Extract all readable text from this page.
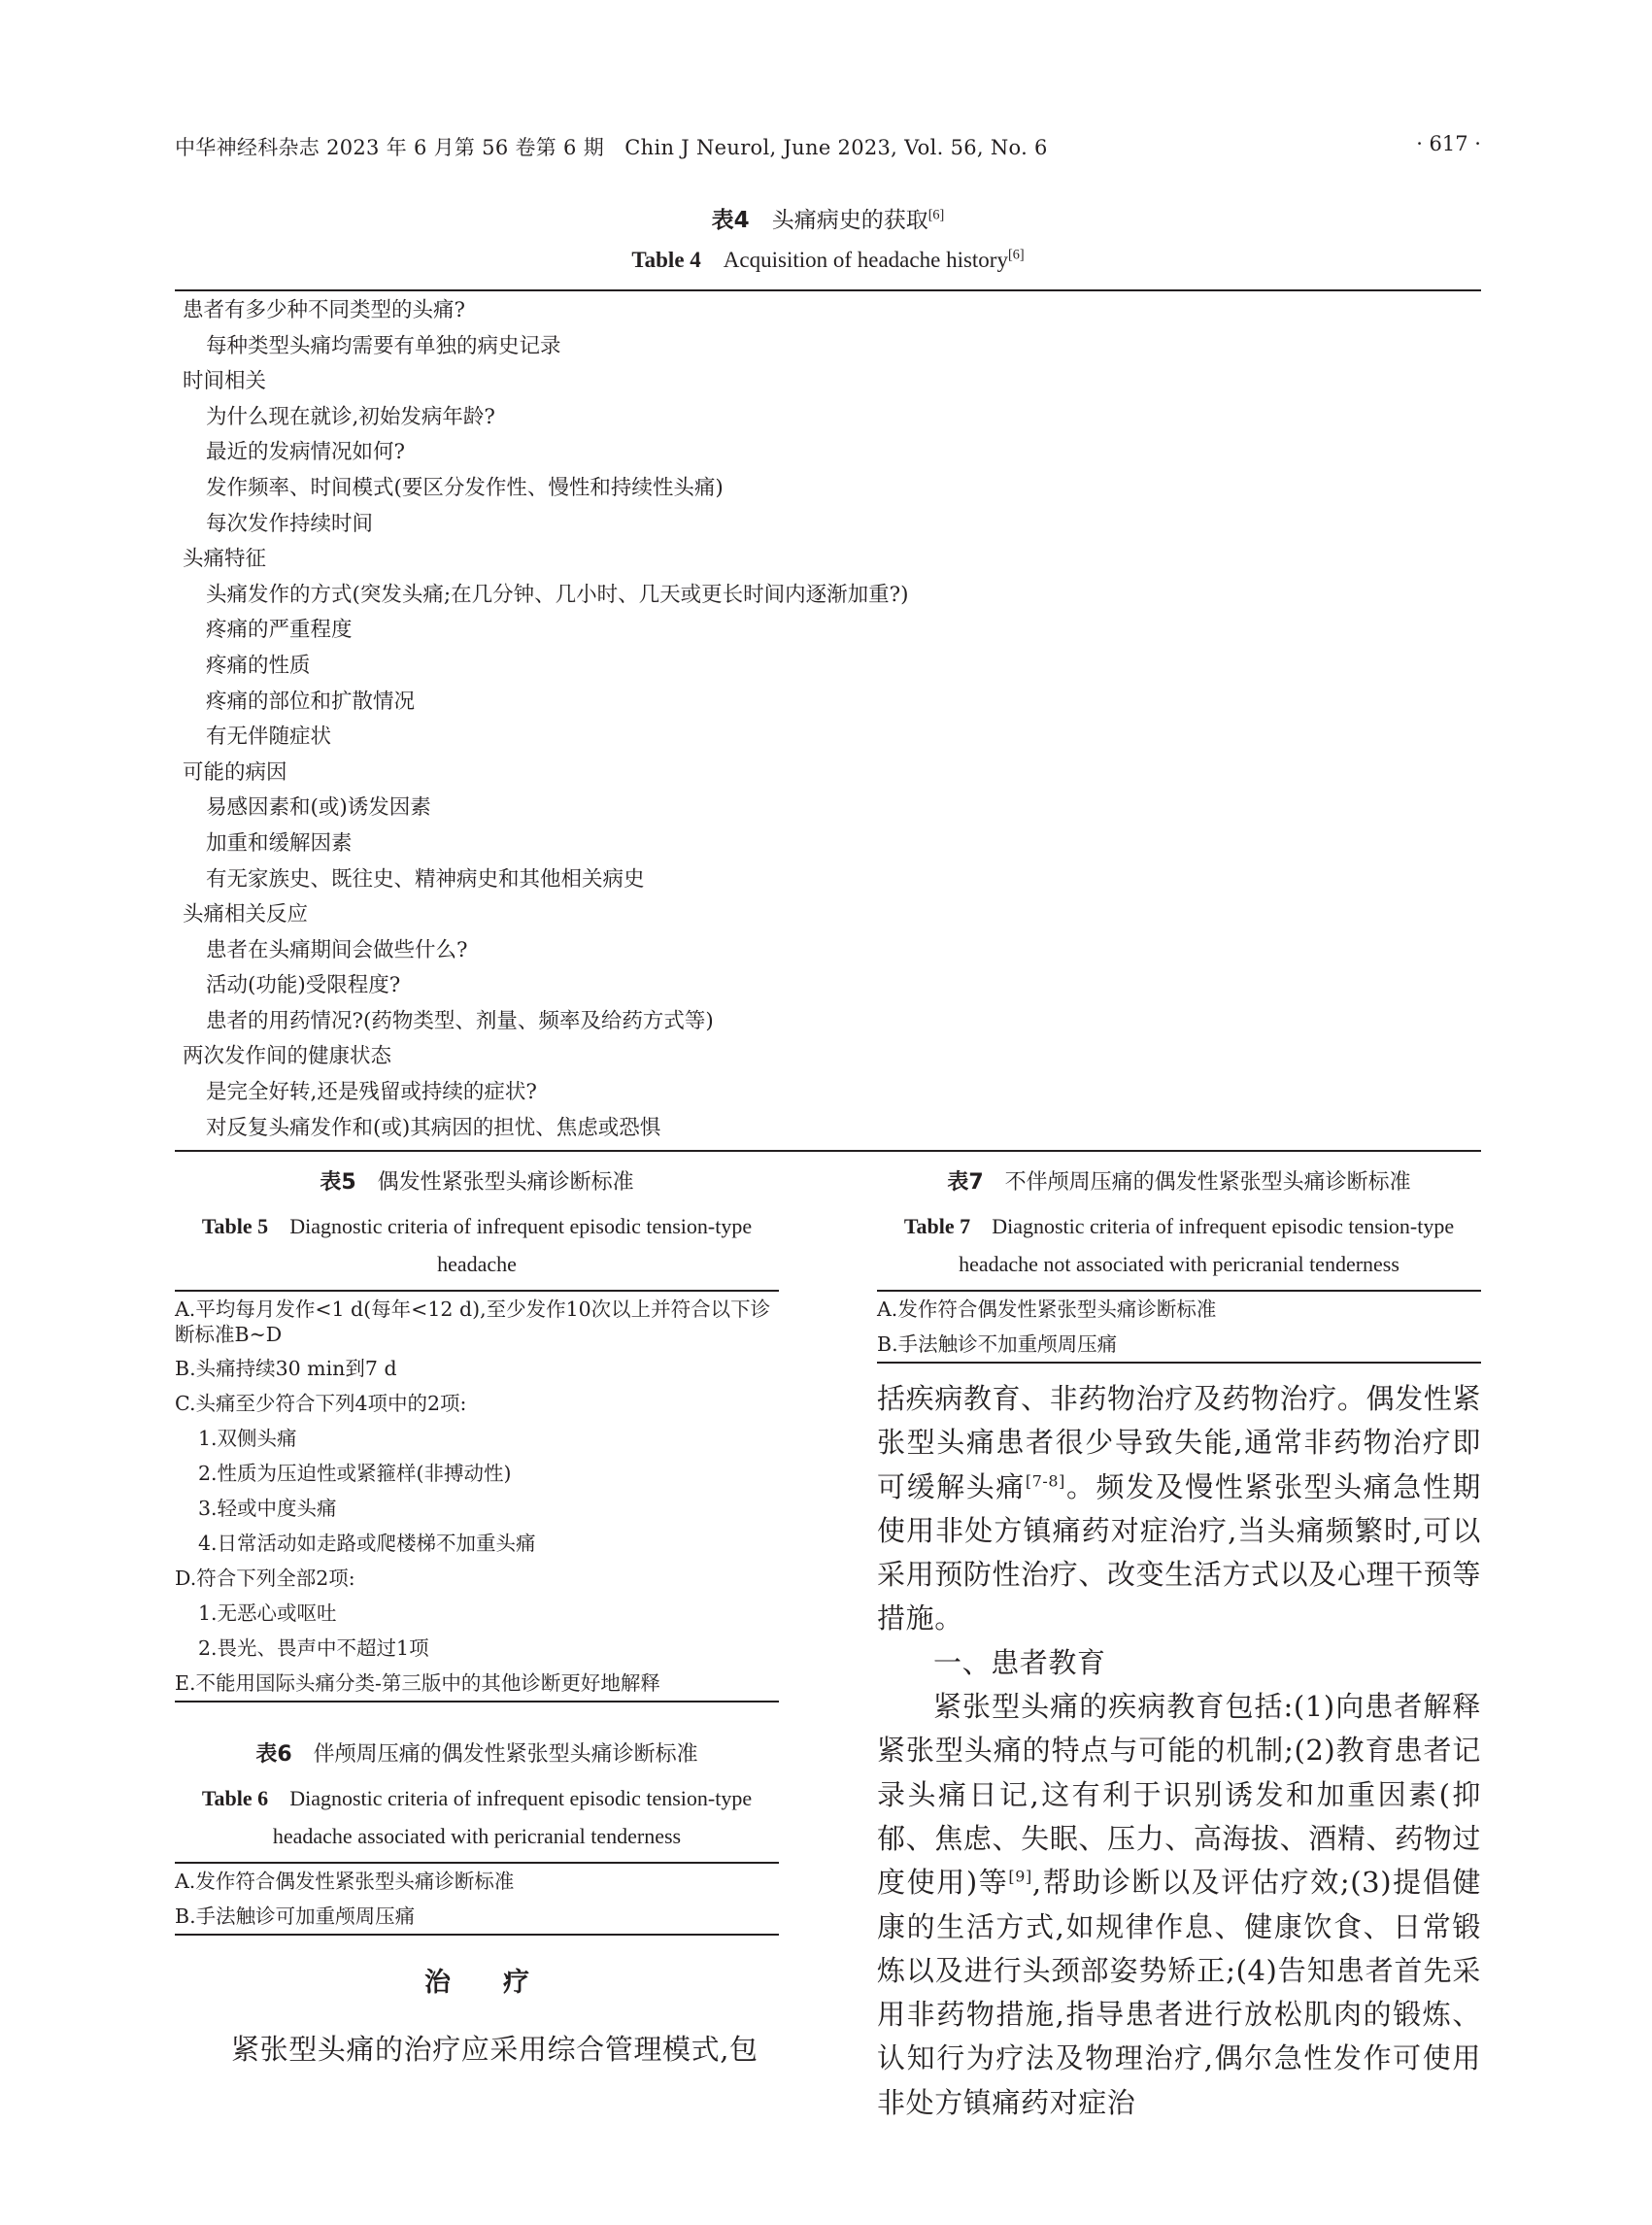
中华神经科杂志 2023 年 6 月第 56 卷第 6 期　Chin J Neurol, June 2023, Vol. 56, No. 6	· 617 ·
表4　 头痛病史的获取[6]
Table 4　 Acquisition of headache history[6]
患者有多少种不同类型的头痛?
每种类型头痛均需要有单独的病史记录
时间相关
为什么现在就诊,初始发病年龄?
最近的发病情况如何?
发作频率、时间模式(要区分发作性、慢性和持续性头痛)
每次发作持续时间
头痛特征
头痛发作的方式(突发头痛;在几分钟、几小时、几天或更长时间内逐渐加重?)
疼痛的严重程度
疼痛的性质
疼痛的部位和扩散情况
有无伴随症状
可能的病因
易感因素和(或)诱发因素
加重和缓解因素
有无家族史、既往史、精神病史和其他相关病史
头痛相关反应
患者在头痛期间会做些什么?
活动(功能)受限程度?
患者的用药情况?(药物类型、剂量、频率及给药方式等)
两次发作间的健康状态
是完全好转,还是残留或持续的症状?
对反复头痛发作和(或)其病因的担忧、焦虑或恐惧
表5　 偶发性紧张型头痛诊断标准
Table 5　 Diagnostic criteria of infrequent episodic tension-type headache
A.平均每月发作<1 d(每年<12 d),至少发作10次以上并符合以下诊断标准B~D
B.头痛持续30 min到7 d
C.头痛至少符合下列4项中的2项:
1.双侧头痛
2.性质为压迫性或紧箍样(非搏动性)
3.轻或中度头痛
4.日常活动如走路或爬楼梯不加重头痛
D.符合下列全部2项:
1.无恶心或呕吐
2.畏光、畏声中不超过1项
E.不能用国际头痛分类-第三版中的其他诊断更好地解释
表6　 伴颅周压痛的偶发性紧张型头痛诊断标准
Table 6　 Diagnostic criteria of infrequent episodic tension-type headache associated with pericranial tenderness
A.发作符合偶发性紧张型头痛诊断标准
B.手法触诊可加重颅周压痛
治　　疗
紧张型头痛的治疗应采用综合管理模式,包
表7　 不伴颅周压痛的偶发性紧张型头痛诊断标准
Table 7　 Diagnostic criteria of infrequent episodic tension-type headache not associated with pericranial tenderness
A.发作符合偶发性紧张型头痛诊断标准
B.手法触诊不加重颅周压痛
括疾病教育、非药物治疗及药物治疗。偶发性紧张型头痛患者很少导致失能,通常非药物治疗即可缓解头痛[7-8]。频发及慢性紧张型头痛急性期使用非处方镇痛药对症治疗,当头痛频繁时,可以采用预防性治疗、改变生活方式以及心理干预等措施。
一、患者教育
紧张型头痛的疾病教育包括:(1)向患者解释紧张型头痛的特点与可能的机制;(2)教育患者记录头痛日记,这有利于识别诱发和加重因素(抑郁、焦虑、失眠、压力、高海拔、酒精、药物过度使用)等[9],帮助诊断以及评估疗效;(3)提倡健康的生活方式,如规律作息、健康饮食、日常锻炼以及进行头颈部姿势矫正;(4)告知患者首先采用非药物措施,指导患者进行放松肌肉的锻炼、认知行为疗法及物理治疗,偶尔急性发作可使用非处方镇痛药对症治
